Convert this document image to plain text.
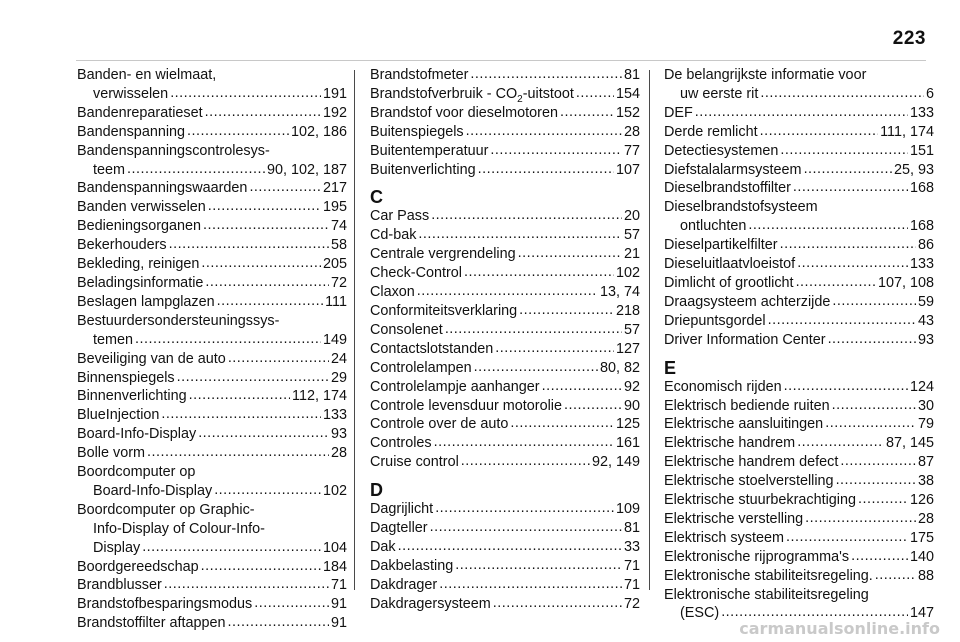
223
Banden- en wielmaat,
verwisselen .....	191
Bandenreparatieset .....	192
Bandenspanning .....	102, 186
Bandenspanningscontrolesys-
teem .....	90, 102, 187
Bandenspanningswaarden .....	217
Banden verwisselen .....	195
Bedieningsorganen .....	74
Bekerhouders .....	58
Bekleding, reinigen .....	205
Beladingsinformatie .....	72
Beslagen lampglazen .....	111
Bestuurdersondersteuningssys-
temen .....	149
Beveiliging van de auto .....	24
Binnenspiegels .....	29
Binnenverlichting .....	112, 174
BlueInjection .....	133
Board-Info-Display .....	93
Bolle vorm .....	28
Boordcomputer op
Board-Info-Display .....	102
Boordcomputer op Graphic-
Info-Display of Colour-Info-
Display .....	104
Boordgereedschap .....	184
Brandblusser .....	71
Brandstofbesparingsmodus .....	91
Brandstoffilter aftappen .....	91
Brandstofmeter .....	81
Brandstofverbruik - $CO_2$-uitstoot .....	154
Brandstof voor dieselmotoren .....	152
Buitenspiegels .....	28
Buitentemperatuur .....	77
Buitenverlichting .....	107
C
Car Pass .....	20
Cd-bak .....	57
Centrale vergrendeling .....	21
Check-Control .....	102
Claxon .....	13, 74
Conformiteitsverklaring .....	218
Consolenet .....	57
Contactslotstanden .....	127
Controlelampen .....	80, 82
Controlelampje aanhanger .....	92
Controle levensduur motorolie .....	90
Controle over de auto .....	125
Controles .....	161
Cruise control .....	92, 149
D
Dagrijlicht .....	109
Dagteller .....	81
Dak .....	33
Dakbelasting .....	71
Dakdrager .....	71
Dakdragersysteem .....	72
De belangrijkste informatie voor
uw eerste rit .....	6
DEF .....	133
Derde remlicht .....	111, 174
Detectiesystemen .....	151
Diefstalalarmsysteem .....	25, 93
Dieselbrandstoffilter .....	168
Dieselbrandstofsysteem
ontluchten .....	168
Dieselpartikelfilter .....	86
Dieseluitlaatvloeistof .....	133
Dimlicht of grootlicht .....	107, 108
Draagsysteem achterzijde .....	59
Driepuntsgordel .....	43
Driver Information Center .....	93
E
Economisch rijden .....	124
Elektrisch bediende ruiten .....	30
Elektrische aansluitingen .....	79
Elektrische handrem .....	87, 145
Elektrische handrem defect .....	87
Elektrische stoelverstelling .....	38
Elektrische stuurbekrachtiging .....	126
Elektrische verstelling .....	28
Elektrisch systeem .....	175
Elektronische rijprogramma's .....	140
Elektronische stabiliteitsregeling. .....	88
Elektronische stabiliteitsregeling
(ESC) .....	147
carmanualsonline.info
